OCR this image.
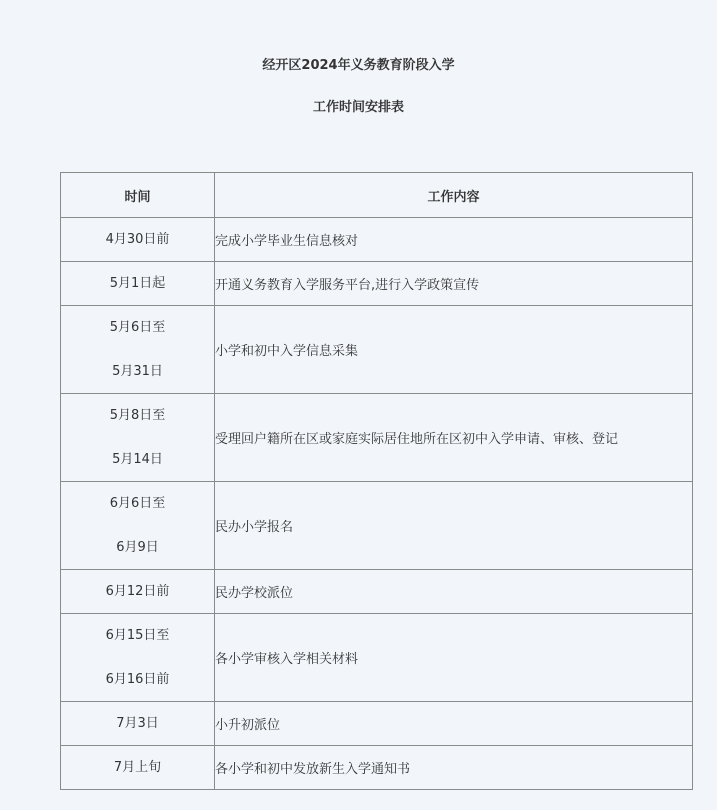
经开区2024年义务教育阶段入学
工作时间安排表
时间	工作内容

4月30日前	完成小学毕业生信息核对

5月1日起	开通义务教育入学服务平台,进行入学政策宣传

5月6日至
5月31日	小学和初中入学信息采集

5月8日至
5月14日	受理回户籍所在区或家庭实际居住地所在区初中入学申请、审核、登记

6月6日至
6月9日	民办小学报名

6月12日前	民办学校派位

6月15日至
6月16日前	各小学审核入学相关材料

7月3日	小升初派位

7月上旬	各小学和初中发放新生入学通知书
